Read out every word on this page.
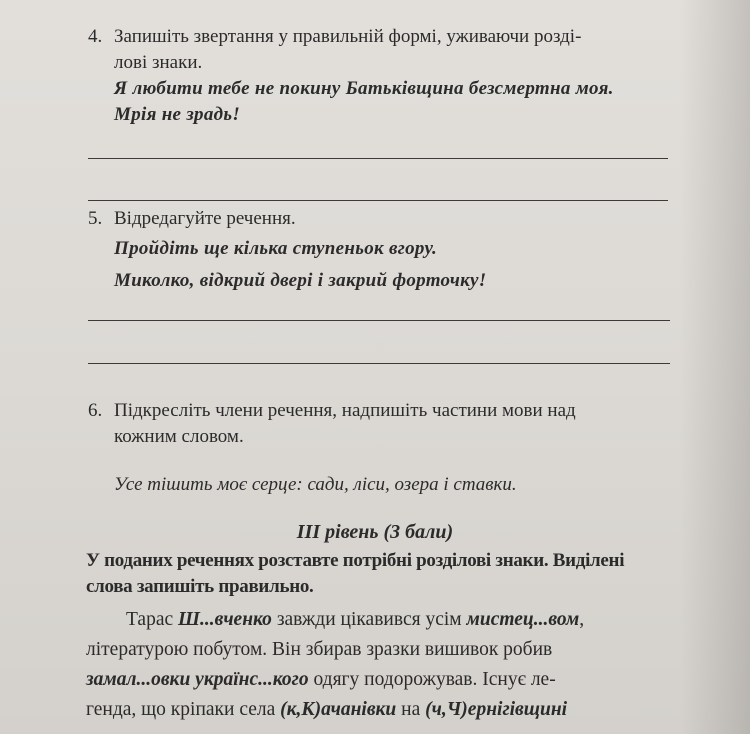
4. Запишіть звертання у правильній формі, уживаючи розді-
лові знаки.
Я любити тебе не покину Батьківщина безсмертна моя.
Мрія не зрадь!
5. Відредагуйте речення.
Пройдіть ще кілька ступеньок вгору.
Миколко, відкрий двері і закрий форточку!
6. Підкресліть члени речення, надпишіть частини мови над
кожним словом.
Усе тішить моє серце: сади, ліси, озера і ставки.
ІІІ рівень (3 бали)
У поданих реченнях розставте потрібні розділові знаки. Виділені
слова запишіть правильно.

Тарас Ш...вченко завжди цікавився усім мистец...вом,

літературою побутом. Він збирав зразки вишивок робив

замал...овки українс...кого одягу подорожував. Існує ле-

генда, що кріпаки села (к,К)ачанівки на (ч,Ч)ернігівщині
